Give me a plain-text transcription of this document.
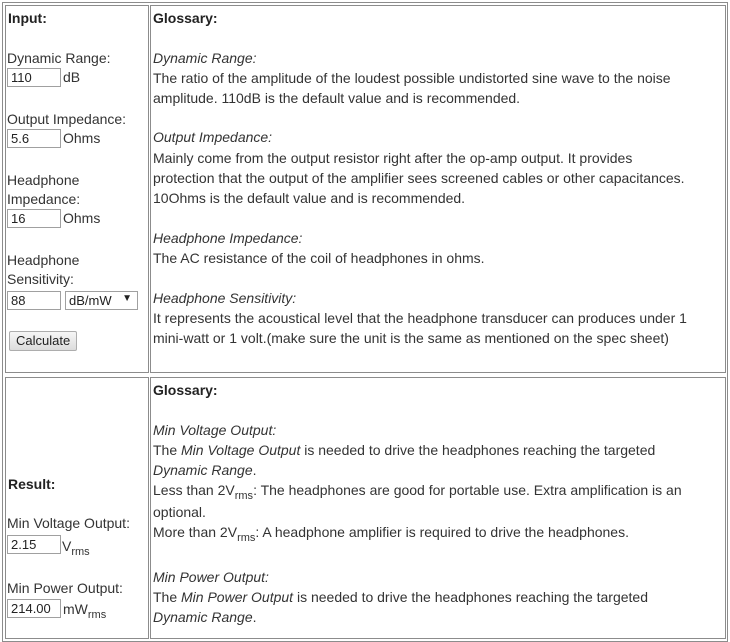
Input:
Dynamic Range:
110
dB
Output Impedance:
5.6
Ohms
Headphone
Impedance:
16
Ohms
Headphone
Sensitivity:
88
dB/mW ▼
Calculate
Glossary:
Dynamic Range:
The ratio of the amplitude of the loudest possible undistorted sine wave to the noise
amplitude. 110dB is the default value and is recommended.
Output Impedance:
Mainly come from the output resistor right after the op-amp output. It provides
protection that the output of the amplifier sees screened cables or other capacitances.
10Ohms is the default value and is recommended.
Headphone Impedance:
The AC resistance of the coil of headphones in ohms.
Headphone Sensitivity:
It represents the acoustical level that the headphone transducer can produces under 1
mini-watt or 1 volt.(make sure the unit is the same as mentioned on the spec sheet)
Result:
Min Voltage Output:
2.15
$V_{rms}$
Min Power Output:
214.00
$mW_{rms}$
Glossary:
Min Voltage Output:
The Min Voltage Output is needed to drive the headphones reaching the targeted
Dynamic Range.
Less than $2V_{rms}$: The headphones are good for portable use. Extra amplification is an
optional.
More than $2V_{rms}$: A headphone amplifier is required to drive the headphones.
Min Power Output:
The Min Power Output is needed to drive the headphones reaching the targeted
Dynamic Range.
